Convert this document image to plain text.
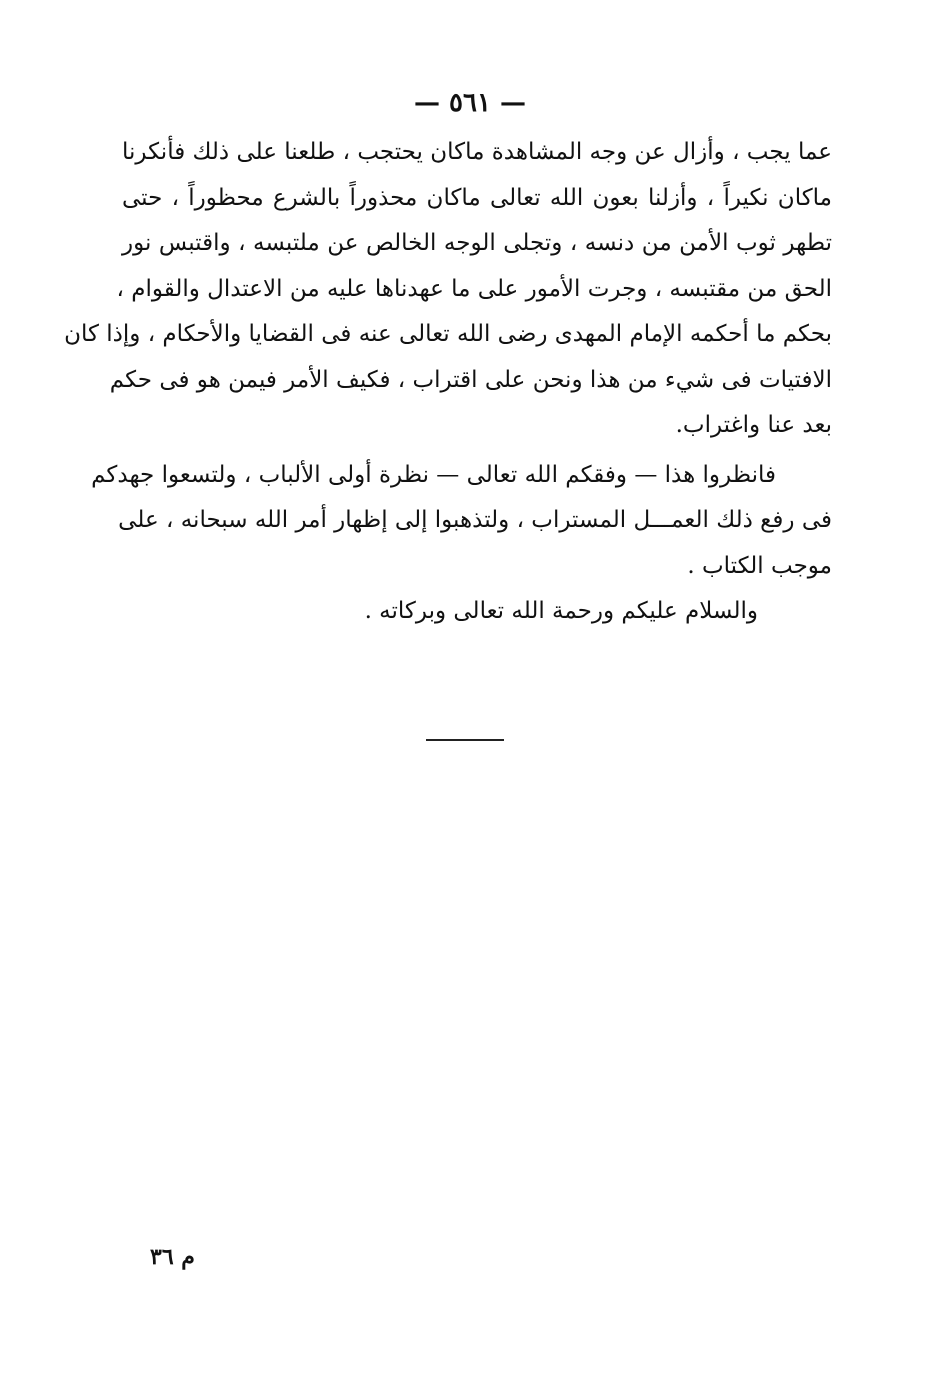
— ٥٦١ —
عما يجب ، وأزال عن وجه المشاهدة ماكان يحتجب ، طلعنا على ذلك فأنكرنا
ماكان نكيراً ، وأزلنا بعون الله تعالى ماكان محذوراً بالشرع محظوراً ، حتى
تطهر ثوب الأمن من دنسه ، وتجلى الوجه الخالص عن ملتبسه ، واقتبس نور
الحق من مقتبسه ، وجرت الأمور على ما عهدناها عليه من الاعتدال والقوام ،
بحكم ما أحكمه الإمام المهدى رضى الله تعالى عنه فى القضايا والأحكام ، وإذا كان
الافتيات فى شيء من هذا ونحن على اقتراب ، فكيف الأمر فيمن هو فى حكم
بعد عنا واغتراب.
فانظروا هذا — وفقكم الله تعالى — نظرة أولى الألباب ، ولتسعوا جهدكم
فى رفع ذلك العمـــل المستراب ، ولتذهبوا إلى إظهار أمر الله سبحانه ، على
موجب الكتاب .
والسلام عليكم ورحمة الله تعالى وبركاته .
م ٣٦
